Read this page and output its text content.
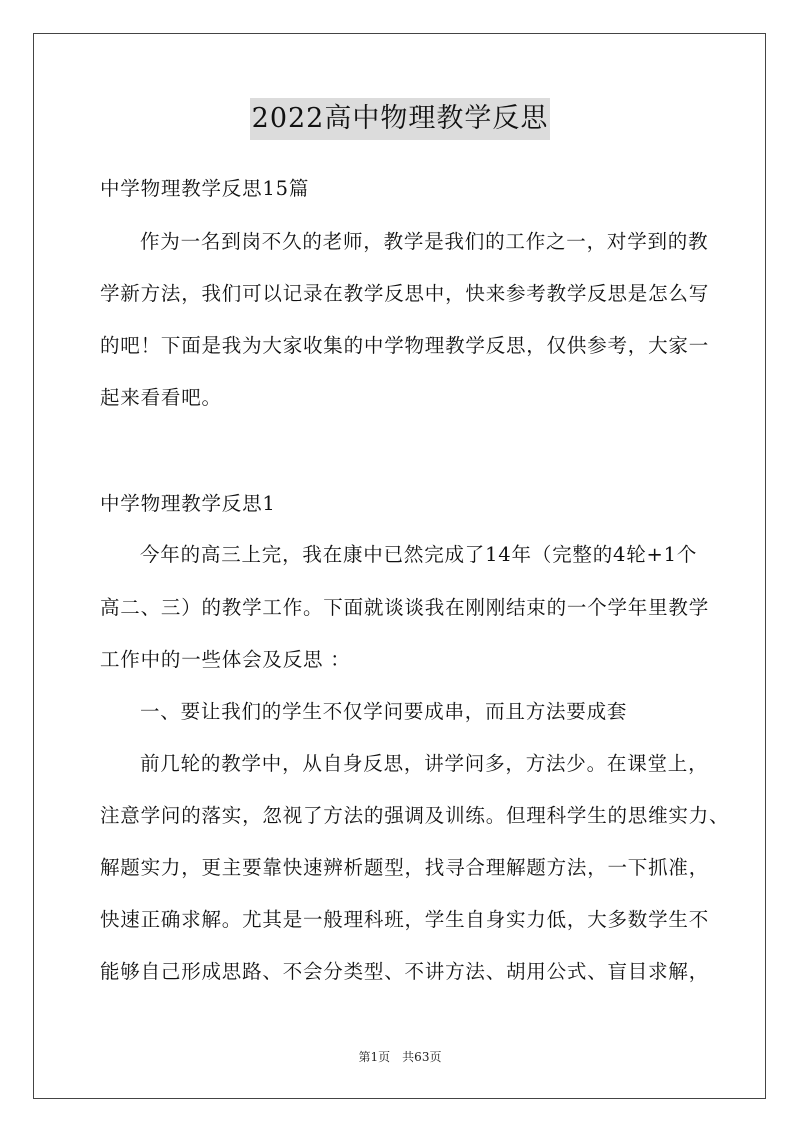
2022高中物理教学反思
中学物理教学反思15篇
作为一名到岗不久的老师，教学是我们的工作之一，对学到的教
学新方法，我们可以记录在教学反思中，快来参考教学反思是怎么写
的吧！下面是我为大家收集的中学物理教学反思，仅供参考，大家一
起来看看吧。
中学物理教学反思1
今年的高三上完，我在康中已然完成了14年（完整的4轮+1个
高二、三）的教学工作。下面就谈谈我在刚刚结束的一个学年里教学
工作中的一些体会及反思 ：
一、要让我们的学生不仅学问要成串，而且方法要成套
前几轮的教学中，从自身反思，讲学问多，方法少。在课堂上，
注意学问的落实，忽视了方法的强调及训练。但理科学生的思维实力、
解题实力，更主要靠快速辨析题型，找寻合理解题方法，一下抓准，
快速正确求解。尤其是一般理科班，学生自身实力低，大多数学生不
能够自己形成思路、不会分类型、不讲方法、胡用公式、盲目求解，
第1页　共63页
